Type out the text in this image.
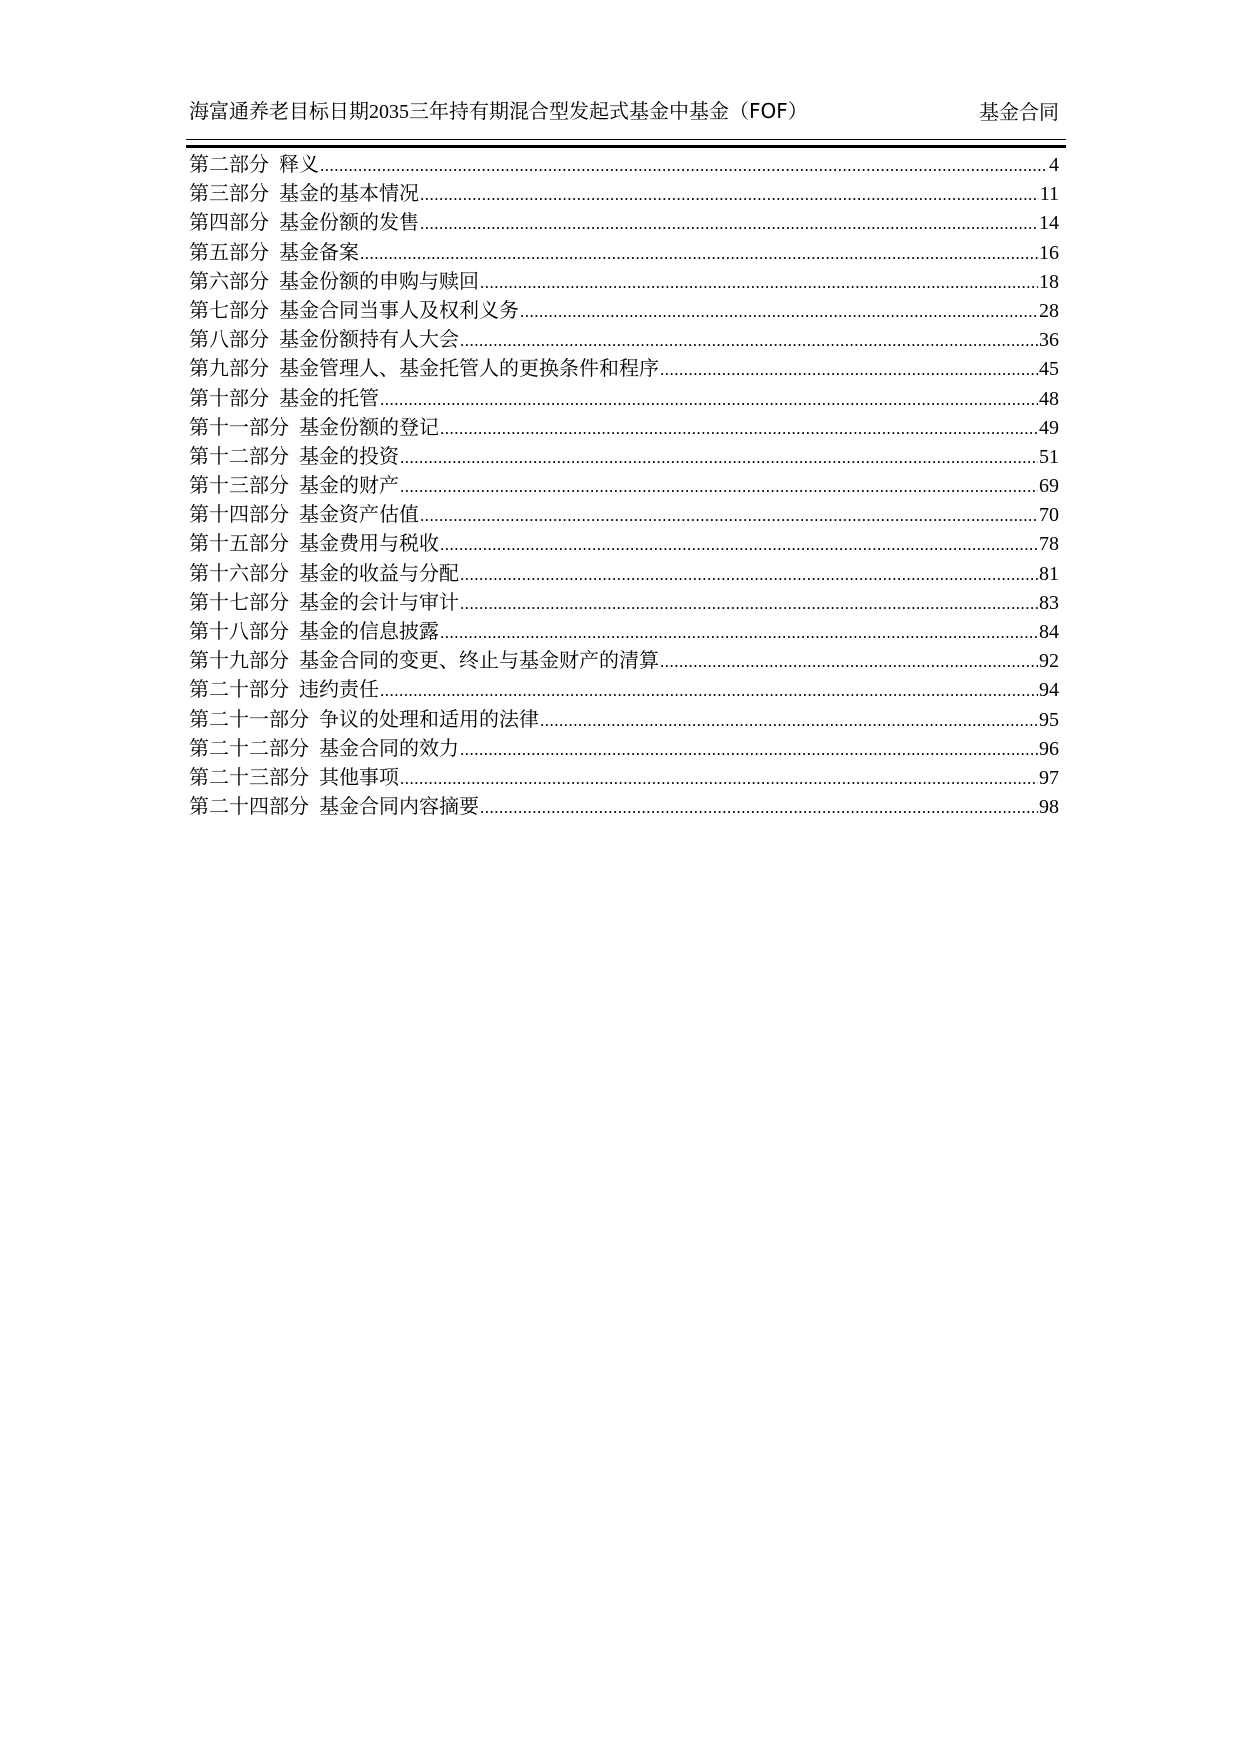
海富通养老目标日期2035三年持有期混合型发起式基金中基金（FOF）	基金合同
第二部分 释义 .....	4
第三部分 基金的基本情况 .....	11
第四部分 基金份额的发售 .....	14
第五部分 基金备案 .....	16
第六部分 基金份额的申购与赎回 .....	18
第七部分 基金合同当事人及权利义务 .....	28
第八部分 基金份额持有人大会 .....	36
第九部分 基金管理人、基金托管人的更换条件和程序 .....	45
第十部分 基金的托管 .....	48
第十一部分 基金份额的登记 .....	49
第十二部分 基金的投资 .....	51
第十三部分 基金的财产 .....	69
第十四部分 基金资产估值 .....	70
第十五部分 基金费用与税收 .....	78
第十六部分 基金的收益与分配 .....	81
第十七部分 基金的会计与审计 .....	83
第十八部分 基金的信息披露 .....	84
第十九部分 基金合同的变更、终止与基金财产的清算 .....	92
第二十部分 违约责任 .....	94
第二十一部分 争议的处理和适用的法律 .....	95
第二十二部分 基金合同的效力 .....	96
第二十三部分 其他事项 .....	97
第二十四部分 基金合同内容摘要 .....	98
